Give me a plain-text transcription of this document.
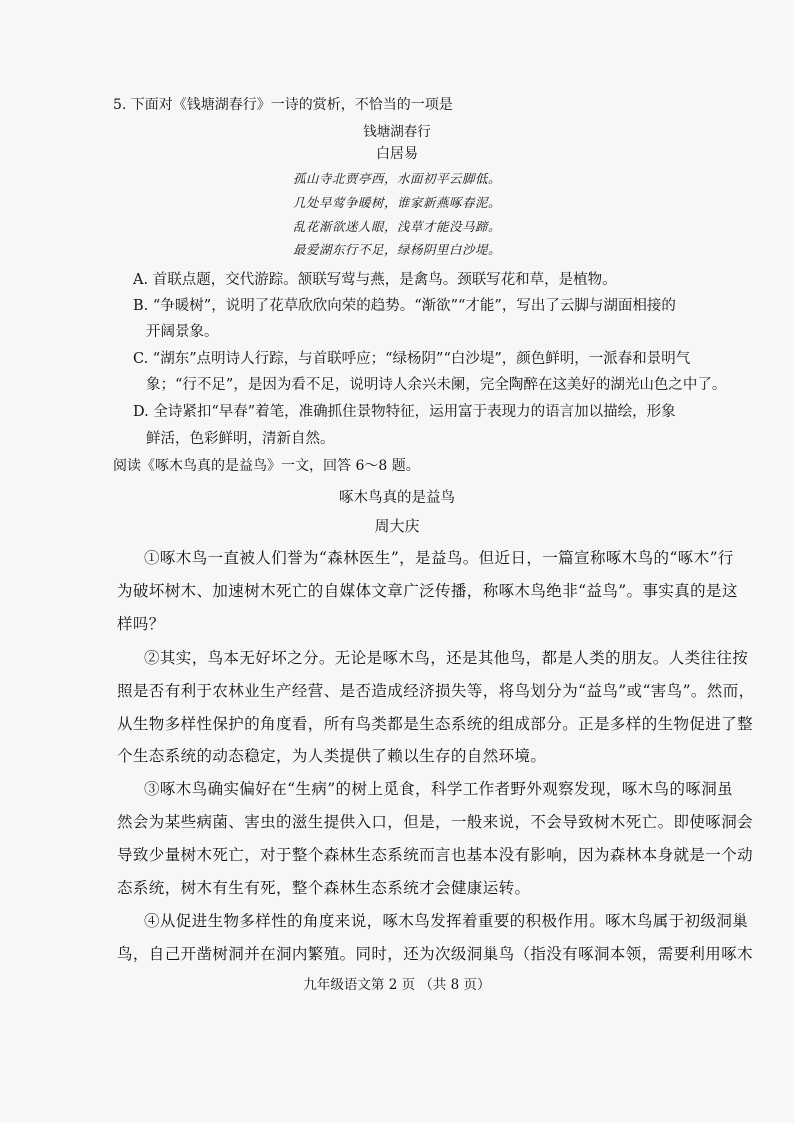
5. 下面对《钱塘湖春行》一诗的赏析，不恰当的一项是
钱塘湖春行
白居易
孤山寺北贾亭西，水面初平云脚低。
几处早莺争暖树，谁家新燕啄春泥。
乱花渐欲迷人眼，浅草才能没马蹄。
最爱湖东行不足，绿杨阴里白沙堤。
A. 首联点题，交代游踪。颔联写莺与燕，是禽鸟。颈联写花和草，是植物。
B. “争暖树”，说明了花草欣欣向荣的趋势。“渐欲”“才能”，写出了云脚与湖面相接的
开阔景象。
C. “湖东”点明诗人行踪，与首联呼应；“绿杨阴”“白沙堤”，颜色鲜明，一派春和景明气
象；“行不足”，是因为看不足，说明诗人余兴未阑，完全陶醉在这美好的湖光山色之中了。
D. 全诗紧扣“早春”着笔，准确抓住景物特征，运用富于表现力的语言加以描绘，形象
鲜活，色彩鲜明，清新自然。
阅读《啄木鸟真的是益鸟》一文，回答 6～8 题。
啄木鸟真的是益鸟
周大庆
①啄木鸟一直被人们誉为“森林医生”，是益鸟。但近日，一篇宣称啄木鸟的“啄木”行
为破坏树木、加速树木死亡的自媒体文章广泛传播，称啄木鸟绝非“益鸟”。事实真的是这
样吗？
②其实，鸟本无好坏之分。无论是啄木鸟，还是其他鸟，都是人类的朋友。人类往往按
照是否有利于农林业生产经营、是否造成经济损失等，将鸟划分为“益鸟”或“害鸟”。然而，
从生物多样性保护的角度看，所有鸟类都是生态系统的组成部分。正是多样的生物促进了整
个生态系统的动态稳定，为人类提供了赖以生存的自然环境。
③啄木鸟确实偏好在“生病”的树上觅食，科学工作者野外观察发现，啄木鸟的啄洞虽
然会为某些病菌、害虫的滋生提供入口，但是，一般来说，不会导致树木死亡。即使啄洞会
导致少量树木死亡，对于整个森林生态系统而言也基本没有影响，因为森林本身就是一个动
态系统，树木有生有死，整个森林生态系统才会健康运转。
④从促进生物多样性的角度来说，啄木鸟发挥着重要的积极作用。啄木鸟属于初级洞巢
鸟，自己开凿树洞并在洞内繁殖。同时，还为次级洞巢鸟（指没有啄洞本领，需要利用啄木
九年级语文第 2 页 （共 8 页）
